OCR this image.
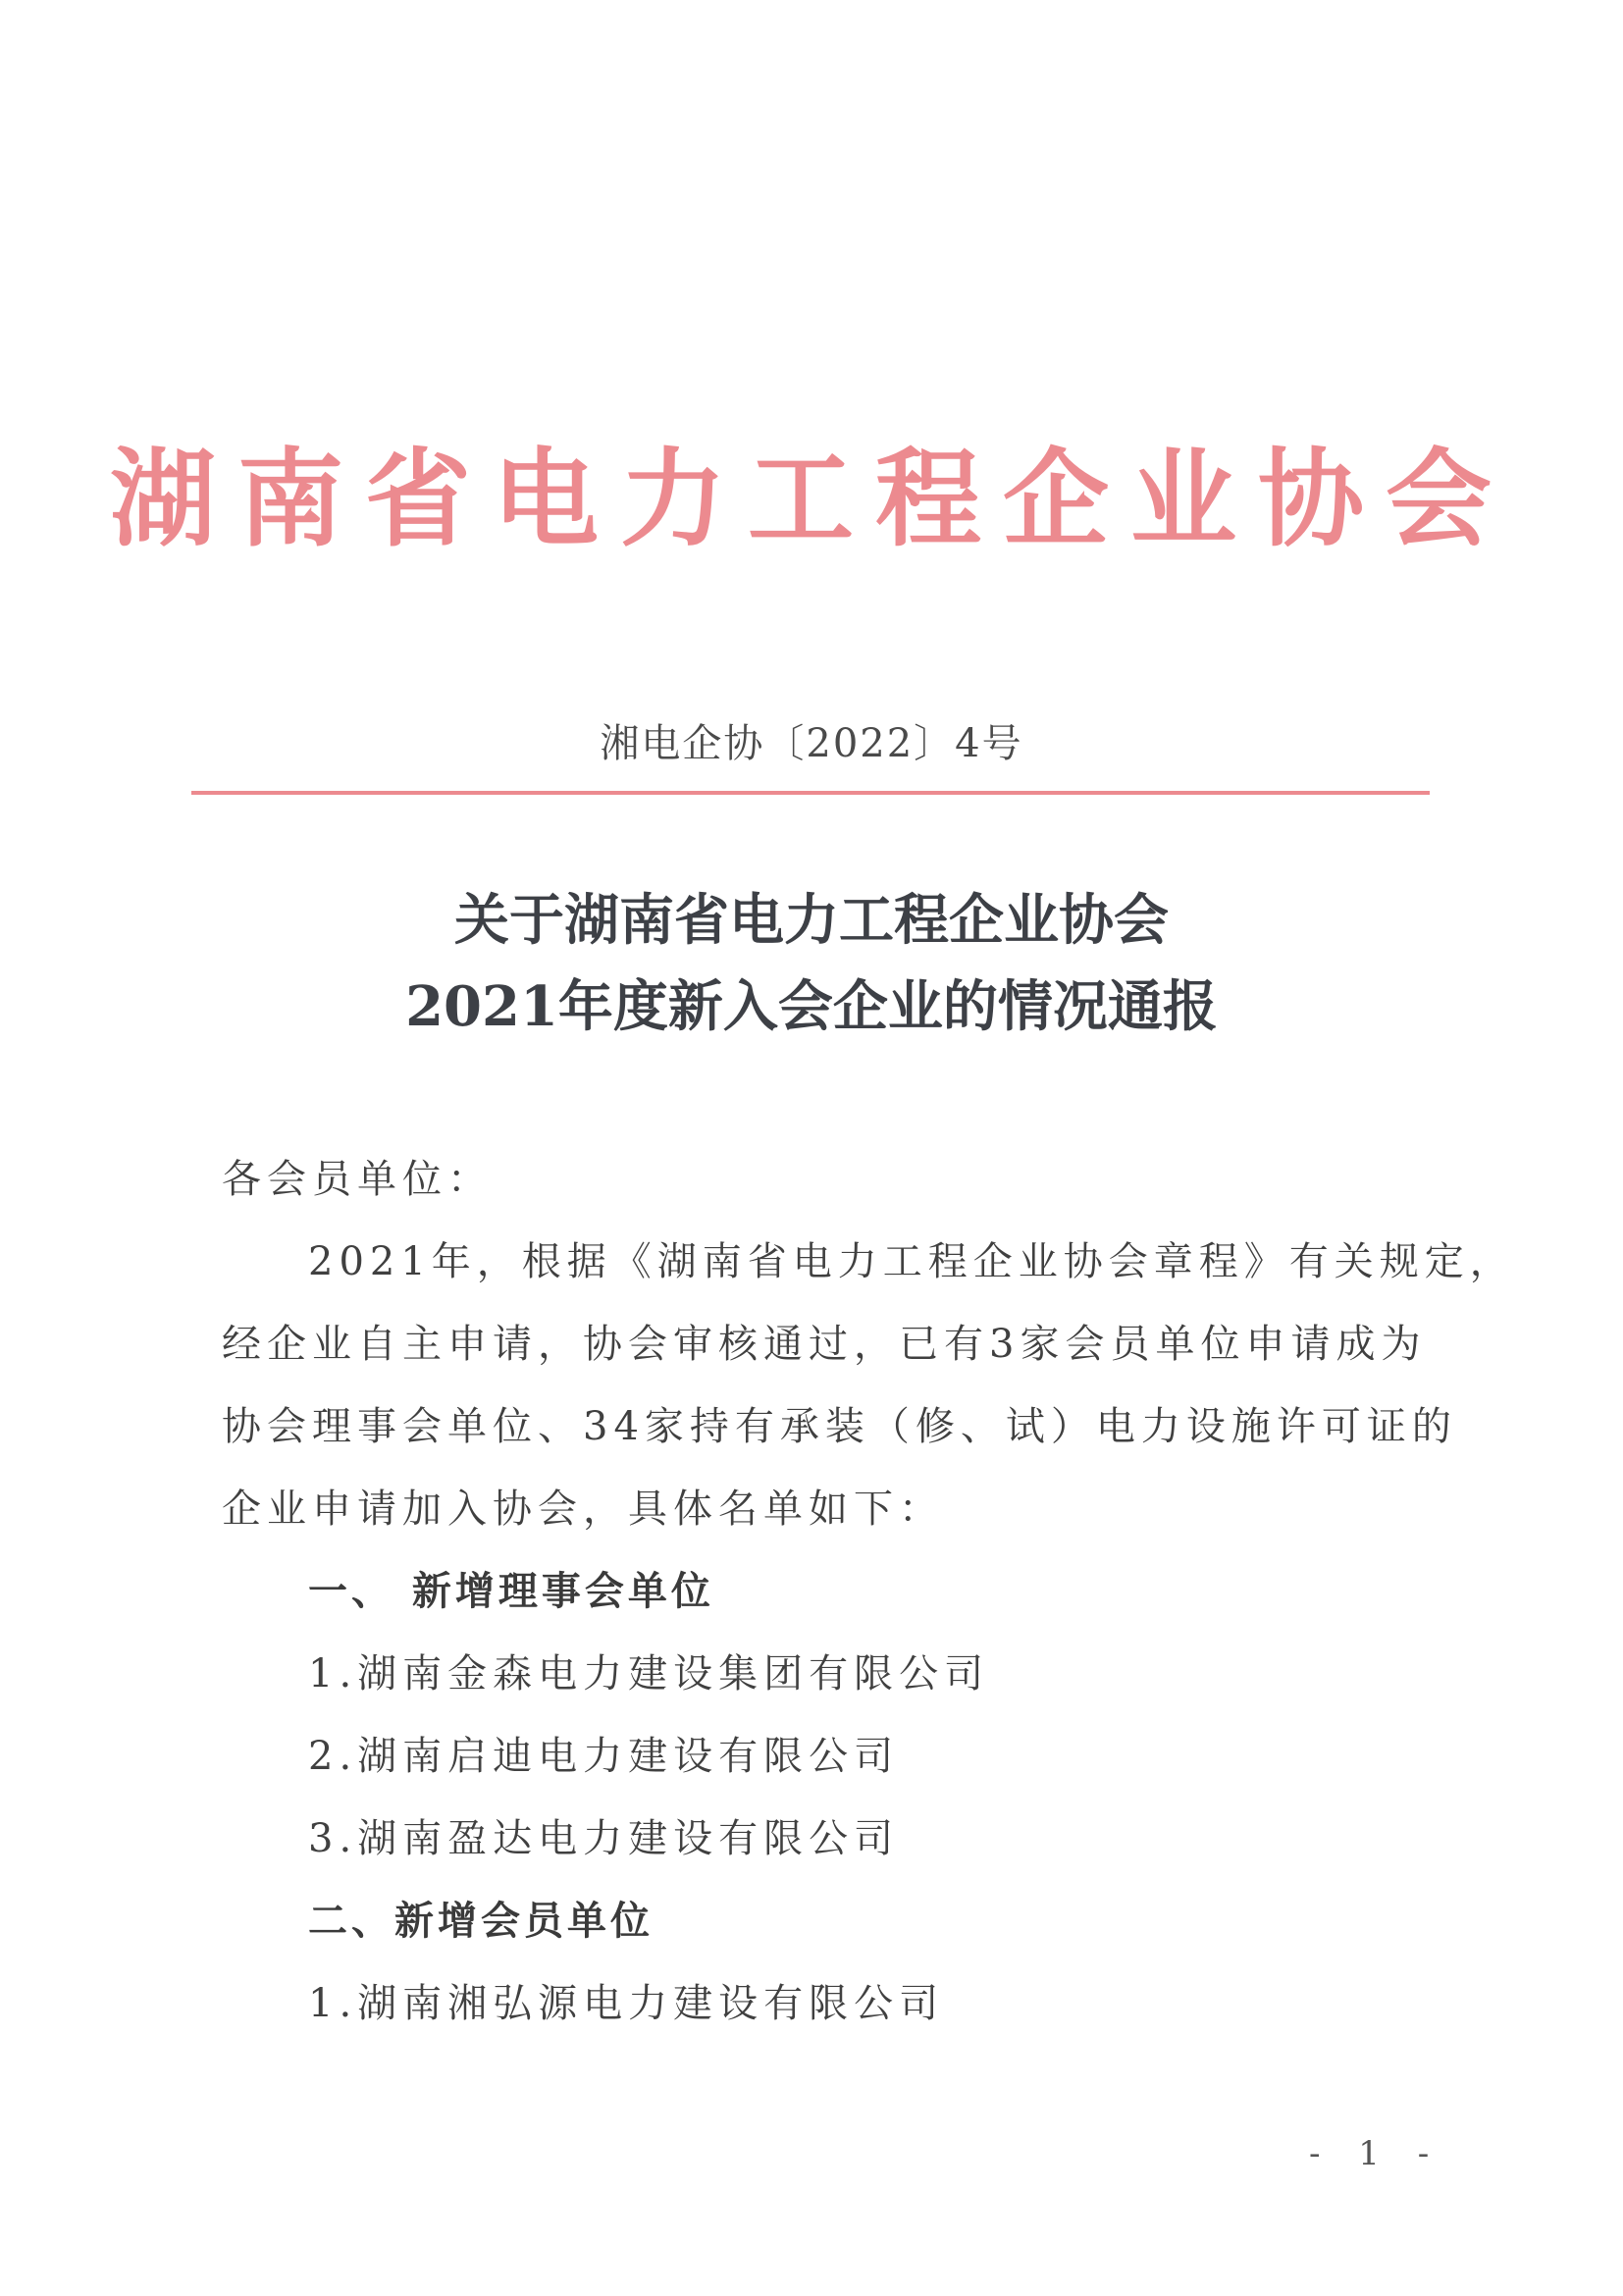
湖南省电力工程企业协会
湘电企协〔2022〕4号
关于湖南省电力工程企业协会
2021年度新入会企业的情况通报
各会员单位：
2021年，根据《湖南省电力工程企业协会章程》有关规定，
经企业自主申请，协会审核通过，已有3家会员单位申请成为
协会理事会单位、34家持有承装（修、试）电力设施许可证的
企业申请加入协会，具体名单如下：
一、 新增理事会单位
1.湖南金森电力建设集团有限公司
2.湖南启迪电力建设有限公司
3.湖南盈达电力建设有限公司
二、新增会员单位
1.湖南湘弘源电力建设有限公司
- 1 -
